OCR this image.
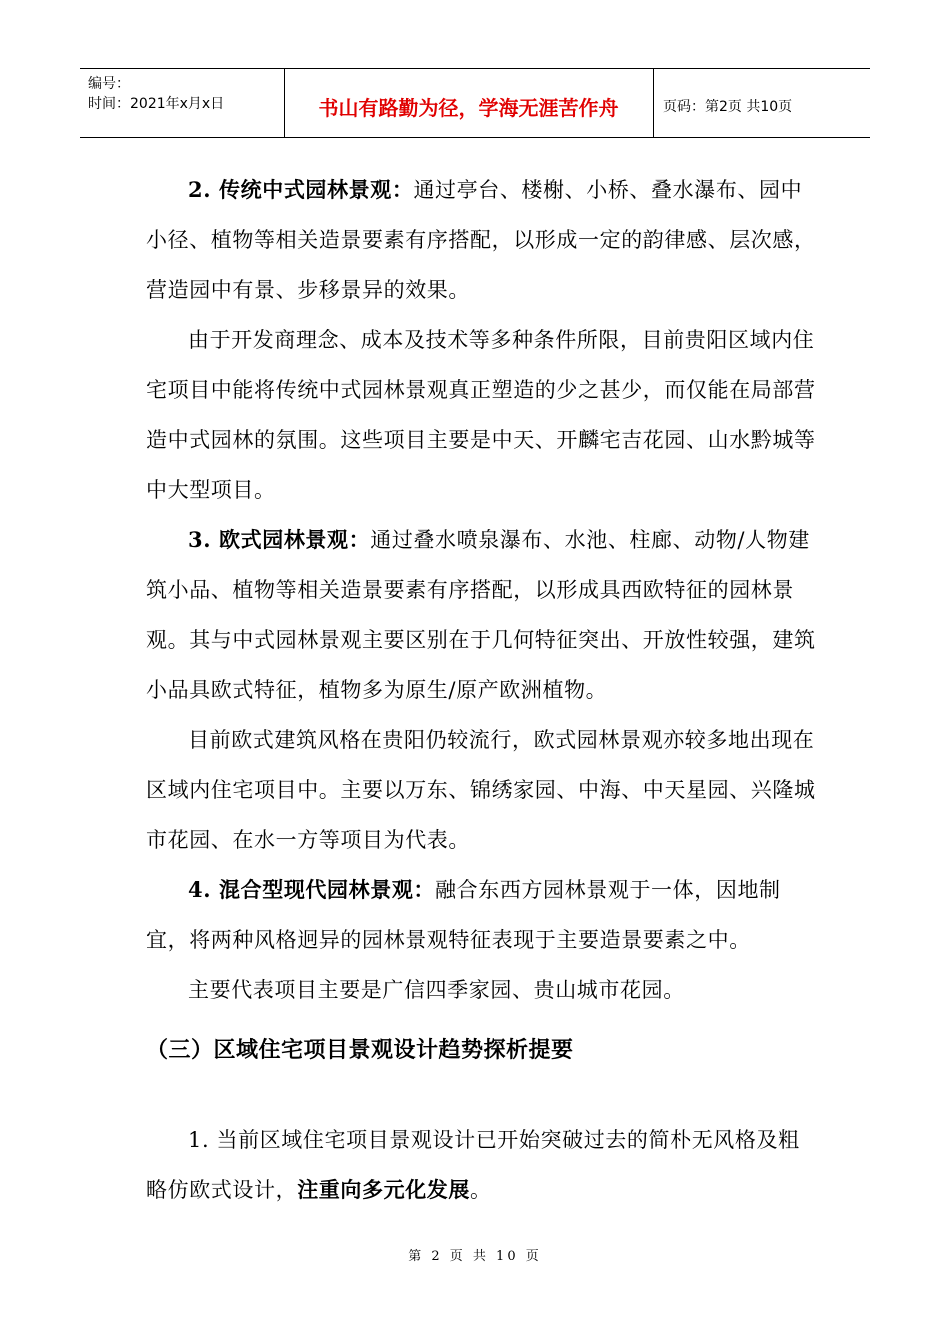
编号：
时间：2021年x月x日	书山有路勤为径，学海无涯苦作舟	页码：第2页 共10页

2. 传统中式园林景观：通过亭台、楼榭、小桥、叠水瀑布、园中小径、植物等相关造景要素有序搭配，以形成一定的韵律感、层次感，营造园中有景、步移景异的效果。

由于开发商理念、成本及技术等多种条件所限，目前贵阳区域内住宅项目中能将传统中式园林景观真正塑造的少之甚少，而仅能在局部营造中式园林的氛围。这些项目主要是中天、开麟宅吉花园、山水黔城等中大型项目。

3. 欧式园林景观：通过叠水喷泉瀑布、水池、柱廊、动物/人物建筑小品、植物等相关造景要素有序搭配，以形成具西欧特征的园林景观。其与中式园林景观主要区别在于几何特征突出、开放性较强，建筑小品具欧式特征，植物多为原生/原产欧洲植物。

目前欧式建筑风格在贵阳仍较流行，欧式园林景观亦较多地出现在区域内住宅项目中。主要以万东、锦绣家园、中海、中天星园、兴隆城市花园、在水一方等项目为代表。

4. 混合型现代园林景观：融合东西方园林景观于一体，因地制宜，将两种风格迥异的园林景观特征表现于主要造景要素之中。

主要代表项目主要是广信四季家园、贵山城市花园。

（三）区域住宅项目景观设计趋势探析提要

1. 当前区域住宅项目景观设计已开始突破过去的简朴无风格及粗略仿欧式设计，注重向多元化发展。

第 2 页 共 10 页
